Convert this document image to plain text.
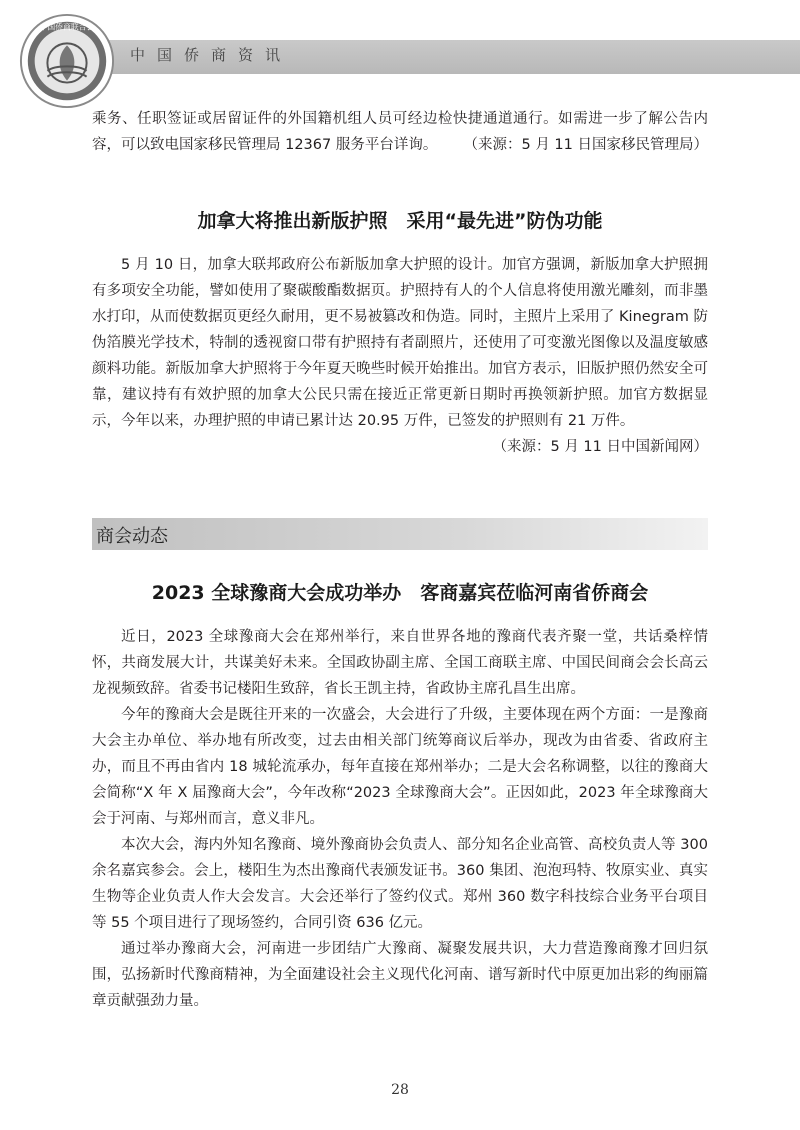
中国侨商联合会
中国侨商资讯

乘务、任职签证或居留证件的外国籍机组人员可经边检快捷通道通行。如需进一步了解公告内容，可以致电国家移民管理局 12367 服务平台详询。 （来源：5 月 11 日国家移民管理局）

加拿大将推出新版护照　采用“最先进”防伪功能

5 月 10 日，加拿大联邦政府公布新版加拿大护照的设计。加官方强调，新版加拿大护照拥有多项安全功能，譬如使用了聚碳酸酯数据页。护照持有人的个人信息将使用激光雕刻，而非墨水打印，从而使数据页更经久耐用，更不易被篡改和伪造。同时，主照片上采用了 Kinegram 防伪箔膜光学技术，特制的透视窗口带有护照持有者副照片，还使用了可变激光图像以及温度敏感颜料功能。新版加拿大护照将于今年夏天晚些时候开始推出。加官方表示，旧版护照仍然安全可靠，建议持有有效护照的加拿大公民只需在接近正常更新日期时再换领新护照。加官方数据显示，今年以来，办理护照的申请已累计达 20.95 万件，已签发的护照则有 21 万件。

（来源：5 月 11 日中国新闻网）

商会动态
2023 全球豫商大会成功举办　客商嘉宾莅临河南省侨商会

近日，2023 全球豫商大会在郑州举行，来自世界各地的豫商代表齐聚一堂，共话桑梓情怀，共商发展大计，共谋美好未来。全国政协副主席、全国工商联主席、中国民间商会会长高云龙视频致辞。省委书记楼阳生致辞，省长王凯主持，省政协主席孔昌生出席。

今年的豫商大会是既往开来的一次盛会，大会进行了升级，主要体现在两个方面：一是豫商大会主办单位、举办地有所改变，过去由相关部门统筹商议后举办，现改为由省委、省政府主办，而且不再由省内 18 城轮流承办，每年直接在郑州举办；二是大会名称调整，以往的豫商大会简称“X 年 X 届豫商大会”，今年改称“2023 全球豫商大会”。正因如此，2023 年全球豫商大会于河南、与郑州而言，意义非凡。

本次大会，海内外知名豫商、境外豫商协会负责人、部分知名企业高管、高校负责人等 300 余名嘉宾参会。会上，楼阳生为杰出豫商代表颁发证书。360 集团、泡泡玛特、牧原实业、真实生物等企业负责人作大会发言。大会还举行了签约仪式。郑州 360 数字科技综合业务平台项目等 55 个项目进行了现场签约，合同引资 636 亿元。

通过举办豫商大会，河南进一步团结广大豫商、凝聚发展共识，大力营造豫商豫才回归氛围，弘扬新时代豫商精神，为全面建设社会主义现代化河南、谱写新时代中原更加出彩的绚丽篇章贡献强劲力量。

28
